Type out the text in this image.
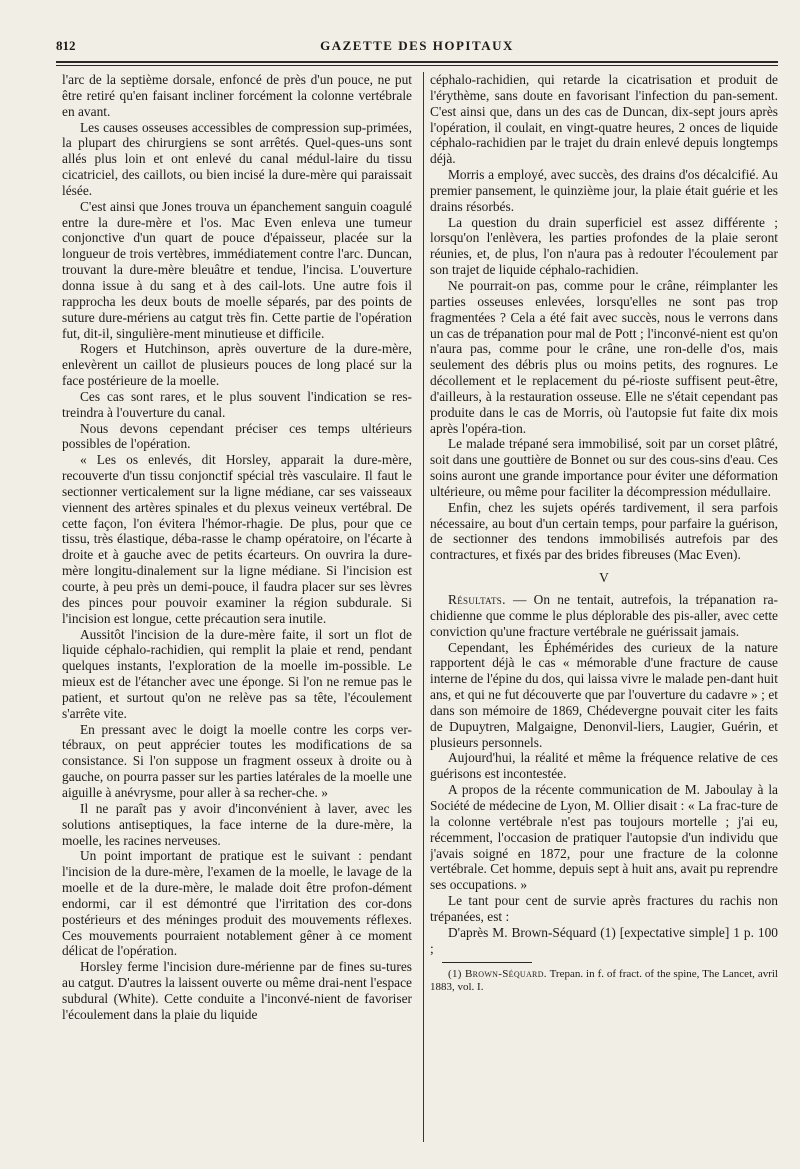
812	GAZETTE DES HOPITAUX

l'arc de la septième dorsale, enfoncé de près d'un pouce, ne put être retiré qu'en faisant incliner forcément la colonne vertébrale en avant.

Les causes osseuses accessibles de compression sup-primées, la plupart des chirurgiens se sont arrêtés. Quel-ques-uns sont allés plus loin et ont enlevé du canal médul-laire du tissu cicatriciel, des caillots, ou bien incisé la dure-mère qui paraissait lésée.

C'est ainsi que Jones trouva un épanchement sanguin coagulé entre la dure-mère et l'os. Mac Even enleva une tumeur conjonctive d'un quart de pouce d'épaisseur, placée sur la longueur de trois vertèbres, immédiatement contre l'arc. Duncan, trouvant la dure-mère bleuâtre et tendue, l'incisa. L'ouverture donna issue à du sang et à des cail-lots. Une autre fois il rapprocha les deux bouts de moelle séparés, par des points de suture dure-mériens au catgut très fin. Cette partie de l'opération fut, dit-il, singulière-ment minutieuse et difficile.

Rogers et Hutchinson, après ouverture de la dure-mère, enlevèrent un caillot de plusieurs pouces de long placé sur la face postérieure de la moelle.

Ces cas sont rares, et le plus souvent l'indication se res-treindra à l'ouverture du canal.

Nous devons cependant préciser ces temps ultérieurs possibles de l'opération.

« Les os enlevés, dit Horsley, apparait la dure-mère, recouverte d'un tissu conjonctif spécial très vasculaire. Il faut le sectionner verticalement sur la ligne médiane, car ses vaisseaux viennent des artères spinales et du plexus veineux vertébral. De cette façon, l'on évitera l'hémor-rhagie. De plus, pour que ce tissu, très élastique, déba-rasse le champ opératoire, on l'écarte à droite et à gauche avec de petits écarteurs. On ouvrira la dure-mère longitu-dinalement sur la ligne médiane. Si l'incision est courte, à peu près un demi-pouce, il faudra placer sur ses lèvres des pinces pour pouvoir examiner la région subdurale. Si l'incision est longue, cette précaution sera inutile.

Aussitôt l'incision de la dure-mère faite, il sort un flot de liquide céphalo-rachidien, qui remplit la plaie et rend, pendant quelques instants, l'exploration de la moelle im-possible. Le mieux est de l'étancher avec une éponge. Si l'on ne remue pas le patient, et surtout qu'on ne relève pas sa tête, l'écoulement s'arrête vite.

En pressant avec le doigt la moelle contre les corps ver-tébraux, on peut apprécier toutes les modifications de sa consistance. Si l'on suppose un fragment osseux à droite ou à gauche, on pourra passer sur les parties latérales de la moelle une aiguille à anévrysme, pour aller à sa recher-che. »

Il ne paraît pas y avoir d'inconvénient à laver, avec les solutions antiseptiques, la face interne de la dure-mère, la moelle, les racines nerveuses.

Un point important de pratique est le suivant : pendant l'incision de la dure-mère, l'examen de la moelle, le lavage de la moelle et de la dure-mère, le malade doit être profon-dément endormi, car il est démontré que l'irritation des cor-dons postérieurs et des méninges produit des mouvements réflexes. Ces mouvements pourraient notablement gêner à ce moment délicat de l'opération.

Horsley ferme l'incision dure-mérienne par de fines su-tures au catgut. D'autres la laissent ouverte ou même drai-nent l'espace subdural (White). Cette conduite a l'inconvé-nient de favoriser l'écoulement dans la plaie du liquide

céphalo-rachidien, qui retarde la cicatrisation et produit de l'érythème, sans doute en favorisant l'infection du pan-sement. C'est ainsi que, dans un des cas de Duncan, dix-sept jours après l'opération, il coulait, en vingt-quatre heures, 2 onces de liquide céphalo-rachidien par le trajet du drain enlevé depuis longtemps déjà.

Morris a employé, avec succès, des drains d'os décalcifié. Au premier pansement, le quinzième jour, la plaie était guérie et les drains résorbés.

La question du drain superficiel est assez différente ; lorsqu'on l'enlèvera, les parties profondes de la plaie seront réunies, et, de plus, l'on n'aura pas à redouter l'écoulement par son trajet de liquide céphalo-rachidien.

Ne pourrait-on pas, comme pour le crâne, réimplanter les parties osseuses enlevées, lorsqu'elles ne sont pas trop fragmentées ? Cela a été fait avec succès, nous le verrons dans un cas de trépanation pour mal de Pott ; l'inconvé-nient est qu'on n'aura pas, comme pour le crâne, une ron-delle d'os, mais seulement des débris plus ou moins petits, des rognures. Le décollement et le replacement du pé-rioste suffisent peut-être, d'ailleurs, à la restauration osseuse. Elle ne s'était cependant pas produite dans le cas de Morris, où l'autopsie fut faite dix mois après l'opéra-tion.

Le malade trépané sera immobilisé, soit par un corset plâtré, soit dans une gouttière de Bonnet ou sur des cous-sins d'eau. Ces soins auront une grande importance pour éviter une déformation ultérieure, ou même pour faciliter la décompression médullaire.

Enfin, chez les sujets opérés tardivement, il sera parfois nécessaire, au bout d'un certain temps, pour parfaire la guérison, de sectionner des tendons immobilisés autrefois par des contractures, et fixés par des brides fibreuses (Mac Even).

V

Résultats. — On ne tentait, autrefois, la trépanation ra-chidienne que comme le plus déplorable des pis-aller, avec cette conviction qu'une fracture vertébrale ne guérissait jamais.

Cependant, les Éphémérides des curieux de la nature rapportent déjà le cas « mémorable d'une fracture de cause interne de l'épine du dos, qui laissa vivre le malade pen-dant huit ans, et qui ne fut découverte que par l'ouverture du cadavre » ; et dans son mémoire de 1869, Chédevergne pouvait citer les faits de Dupuytren, Malgaigne, Denonvil-liers, Laugier, Guérin, et plusieurs personnels.

Aujourd'hui, la réalité et même la fréquence relative de ces guérisons est incontestée.

A propos de la récente communication de M. Jaboulay à la Société de médecine de Lyon, M. Ollier disait : « La frac-ture de la colonne vertébrale n'est pas toujours mortelle ; j'ai eu, récemment, l'occasion de pratiquer l'autopsie d'un individu que j'avais soigné en 1872, pour une fracture de la colonne vertébrale. Cet homme, depuis sept à huit ans, avait pu reprendre ses occupations. »

Le tant pour cent de survie après fractures du rachis non trépanées, est :

D'après M. Brown-Séquard (1) [expectative simple] 1 p. 100 ;

(1) Brown-Séquard. Trepan. in f. of fract. of the spine, The Lancet, avril 1883, vol. I.
